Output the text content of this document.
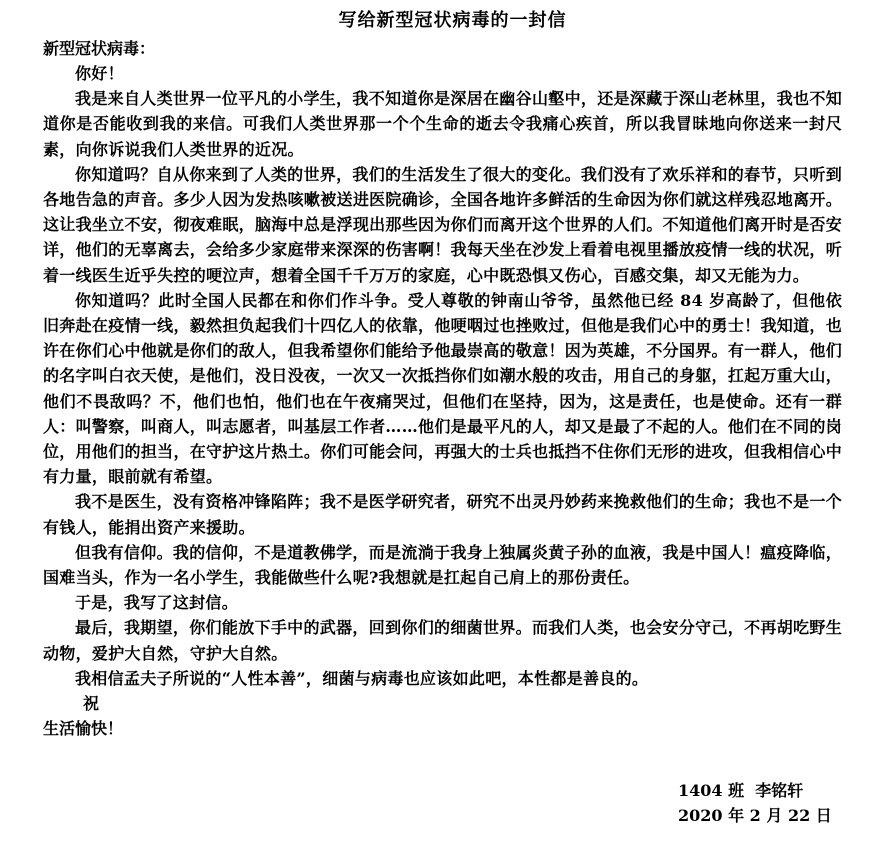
写给新型冠状病毒的一封信
新型冠状病毒：

你好！

我是来自人类世界一位平凡的小学生，我不知道你是深居在幽谷山壑中，还是深藏于深山老林里，我也不知道你是否能收到我的来信。可我们人类世界那一个个生命的逝去令我痛心疾首，所以我冒昧地向你送来一封尺素，向你诉说我们人类世界的近况。

你知道吗？自从你来到了人类的世界，我们的生活发生了很大的变化。我们没有了欢乐祥和的春节，只听到各地告急的声音。多少人因为发热咳嗽被送进医院确诊，全国各地许多鲜活的生命因为你们就这样残忍地离开。这让我坐立不安，彻夜难眠，脑海中总是浮现出那些因为你们而离开这个世界的人们。不知道他们离开时是否安详，他们的无辜离去，会给多少家庭带来深深的伤害啊！我每天坐在沙发上看着电视里播放疫情一线的状况，听着一线医生近乎失控的哽泣声，想着全国千千万万的家庭，心中既恐惧又伤心，百感交集，却又无能为力。

你知道吗？此时全国人民都在和你们作斗争。受人尊敬的钟南山爷爷，虽然他已经 84 岁高龄了，但他依旧奔赴在疫情一线，毅然担负起我们十四亿人的依靠，他哽咽过也挫败过，但他是我们心中的勇士！我知道，也许在你们心中他就是你们的敌人，但我希望你们能给予他最崇高的敬意！因为英雄，不分国界。有一群人，他们的名字叫白衣天使，是他们，没日没夜，一次又一次抵挡你们如潮水般的攻击，用自己的身躯，扛起万重大山，他们不畏敌吗？不，他们也怕，他们也在午夜痛哭过，但他们在坚持，因为，这是责任，也是使命。还有一群人：叫警察，叫商人，叫志愿者，叫基层工作者……他们是最平凡的人，却又是最了不起的人。他们在不同的岗位，用他们的担当，在守护这片热土。你们可能会问，再强大的士兵也抵挡不住你们无形的进攻，但我相信心中有力量，眼前就有希望。

我不是医生，没有资格冲锋陷阵；我不是医学研究者，研究不出灵丹妙药来挽救他们的生命；我也不是一个有钱人，能捐出资产来援助。

但我有信仰。我的信仰，不是道教佛学，而是流淌于我身上独属炎黄子孙的血液，我是中国人！瘟疫降临，国难当头，作为一名小学生，我能做些什么呢?我想就是扛起自己肩上的那份责任。

于是，我写了这封信。

最后，我期望，你们能放下手中的武器，回到你们的细菌世界。而我们人类，也会安分守己，不再胡吃野生动物，爱护大自然，守护大自然。

我相信孟夫子所说的“人性本善”，细菌与病毒也应该如此吧，本性都是善良的。

祝
生活愉快！
1404 班  李铭轩
2020 年 2 月 22 日
